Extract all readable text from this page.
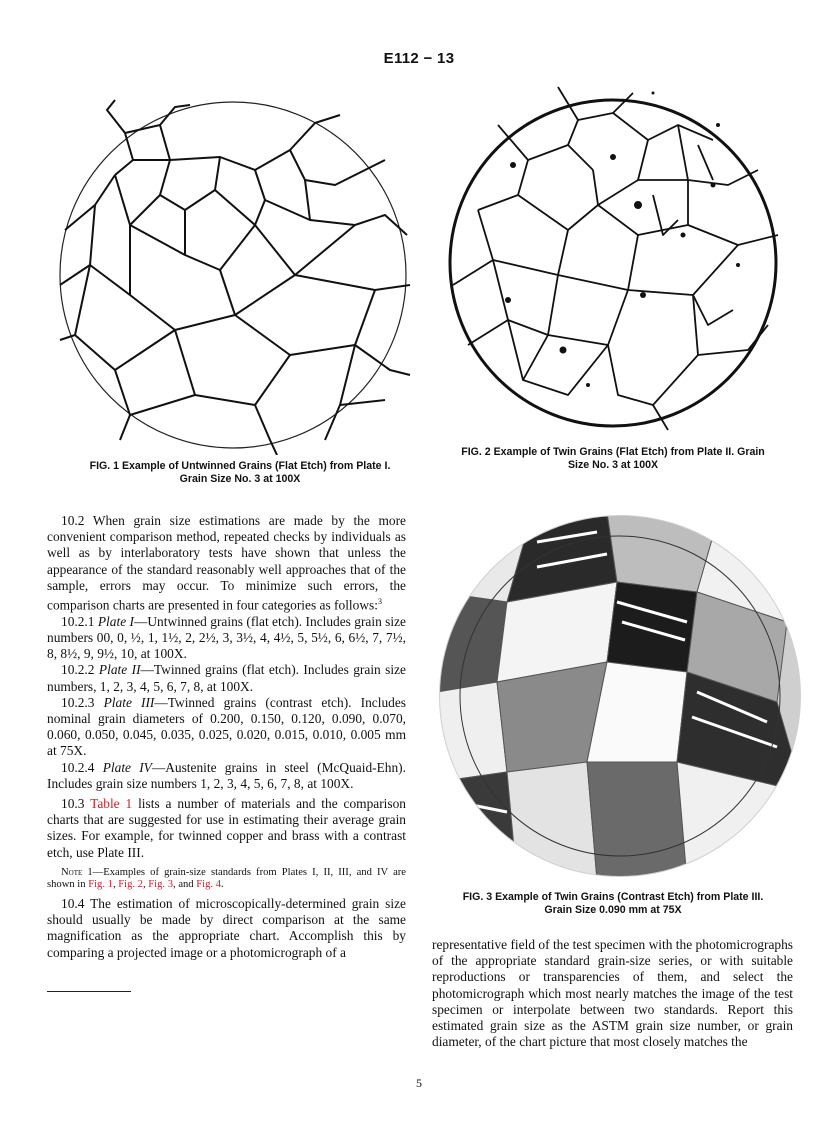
E112 − 13
FIG. 1 Example of Untwinned Grains (Flat Etch) from Plate I.
Grain Size No. 3 at 100X
FIG. 2 Example of Twin Grains (Flat Etch) from Plate II. Grain
Size No. 3 at 100X
FIG. 3 Example of Twin Grains (Contrast Etch) from Plate III.
Grain Size 0.090 mm at 75X

10.2 When grain size estimations are made by the more convenient comparison method, repeated checks by individuals as well as by interlaboratory tests have shown that unless the appearance of the standard reasonably well approaches that of the sample, errors may occur. To minimize such errors, the comparison charts are presented in four categories as follows:$^3$

10.2.1 Plate I—Untwinned grains (flat etch). Includes grain size numbers 00, 0, ½, 1, 1½, 2, 2½, 3, 3½, 4, 4½, 5, 5½, 6, 6½, 7, 7½, 8, 8½, 9, 9½, 10, at 100X.

10.2.2 Plate II—Twinned grains (flat etch). Includes grain size numbers, 1, 2, 3, 4, 5, 6, 7, 8, at 100X.

10.2.3 Plate III—Twinned grains (contrast etch). Includes nominal grain diameters of 0.200, 0.150, 0.120, 0.090, 0.070, 0.060, 0.050, 0.045, 0.035, 0.025, 0.020, 0.015, 0.010, 0.005 mm at 75X.

10.2.4 Plate IV—Austenite grains in steel (McQuaid-Ehn). Includes grain size numbers 1, 2, 3, 4, 5, 6, 7, 8, at 100X.

10.3 Table 1 lists a number of materials and the comparison charts that are suggested for use in estimating their average grain sizes. For example, for twinned copper and brass with a contrast etch, use Plate III.

Note 1—Examples of grain-size standards from Plates I, II, III, and IV are shown in Fig. 1, Fig. 2, Fig. 3, and Fig. 4.

10.4 The estimation of microscopically-determined grain size should usually be made by direct comparison at the same magnification as the appropriate chart. Accomplish this by comparing a projected image or a photomicrograph of a

representative field of the test specimen with the photomicrographs of the appropriate standard grain-size series, or with suitable reproductions or transparencies of them, and select the photomicrograph which most nearly matches the image of the test specimen or interpolate between two standards. Report this estimated grain size as the ASTM grain size number, or grain diameter, of the chart picture that most closely matches the

5
